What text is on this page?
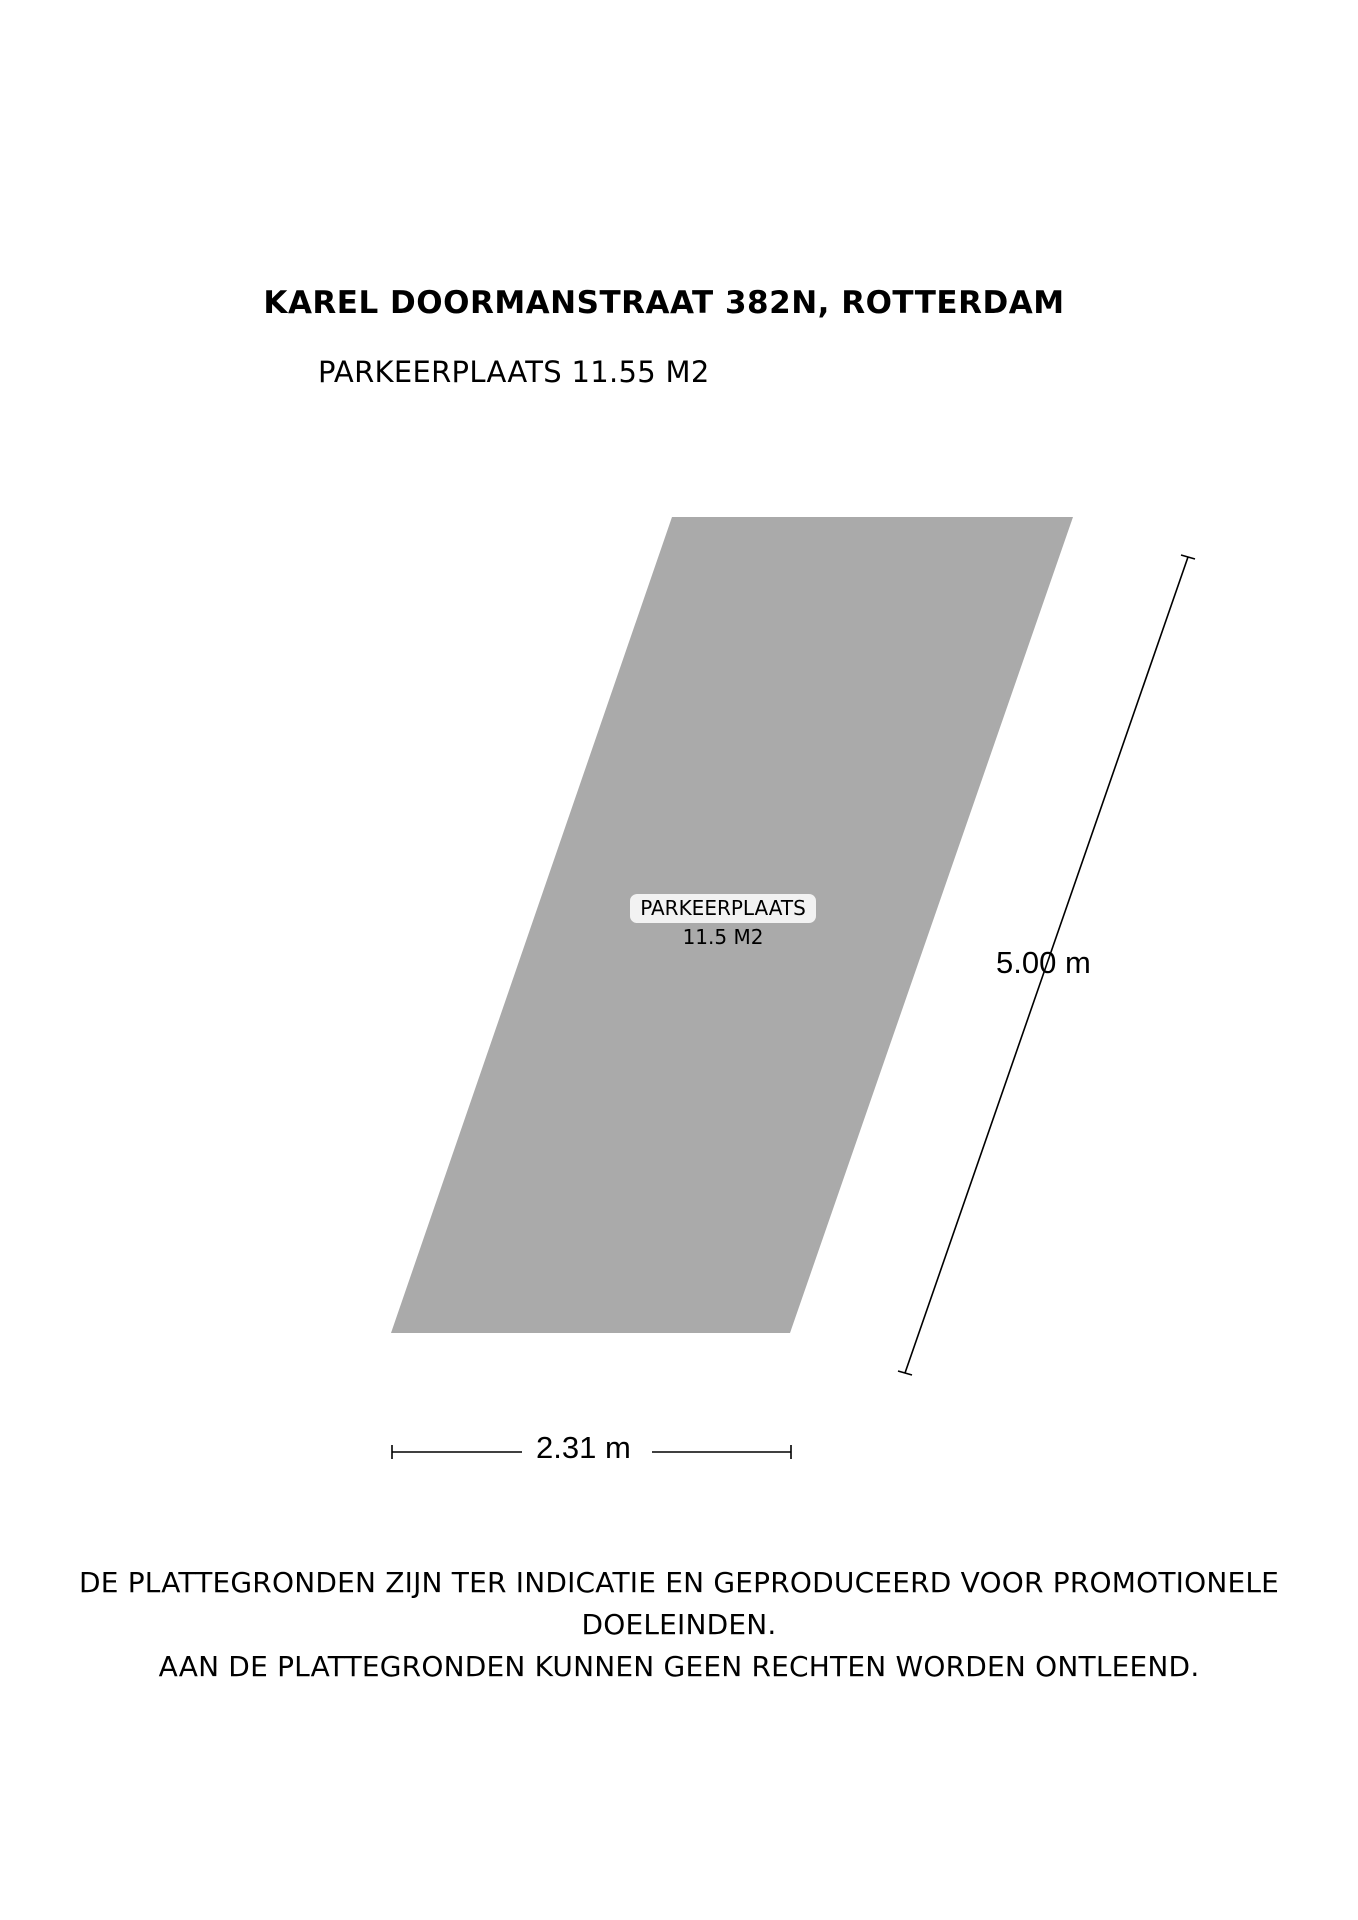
KAREL DOORMANSTRAAT 382N, ROTTERDAM
PARKEERPLAATS 11.55 M2
PARKEERPLAATS
11.5 M2
2.31 m
5.00 m
DE PLATTEGRONDEN ZIJN TER INDICATIE EN GEPRODUCEERD VOOR PROMOTIONELE DOELEINDEN.
AAN DE PLATTEGRONDEN KUNNEN GEEN RECHTEN WORDEN ONTLEEND.
